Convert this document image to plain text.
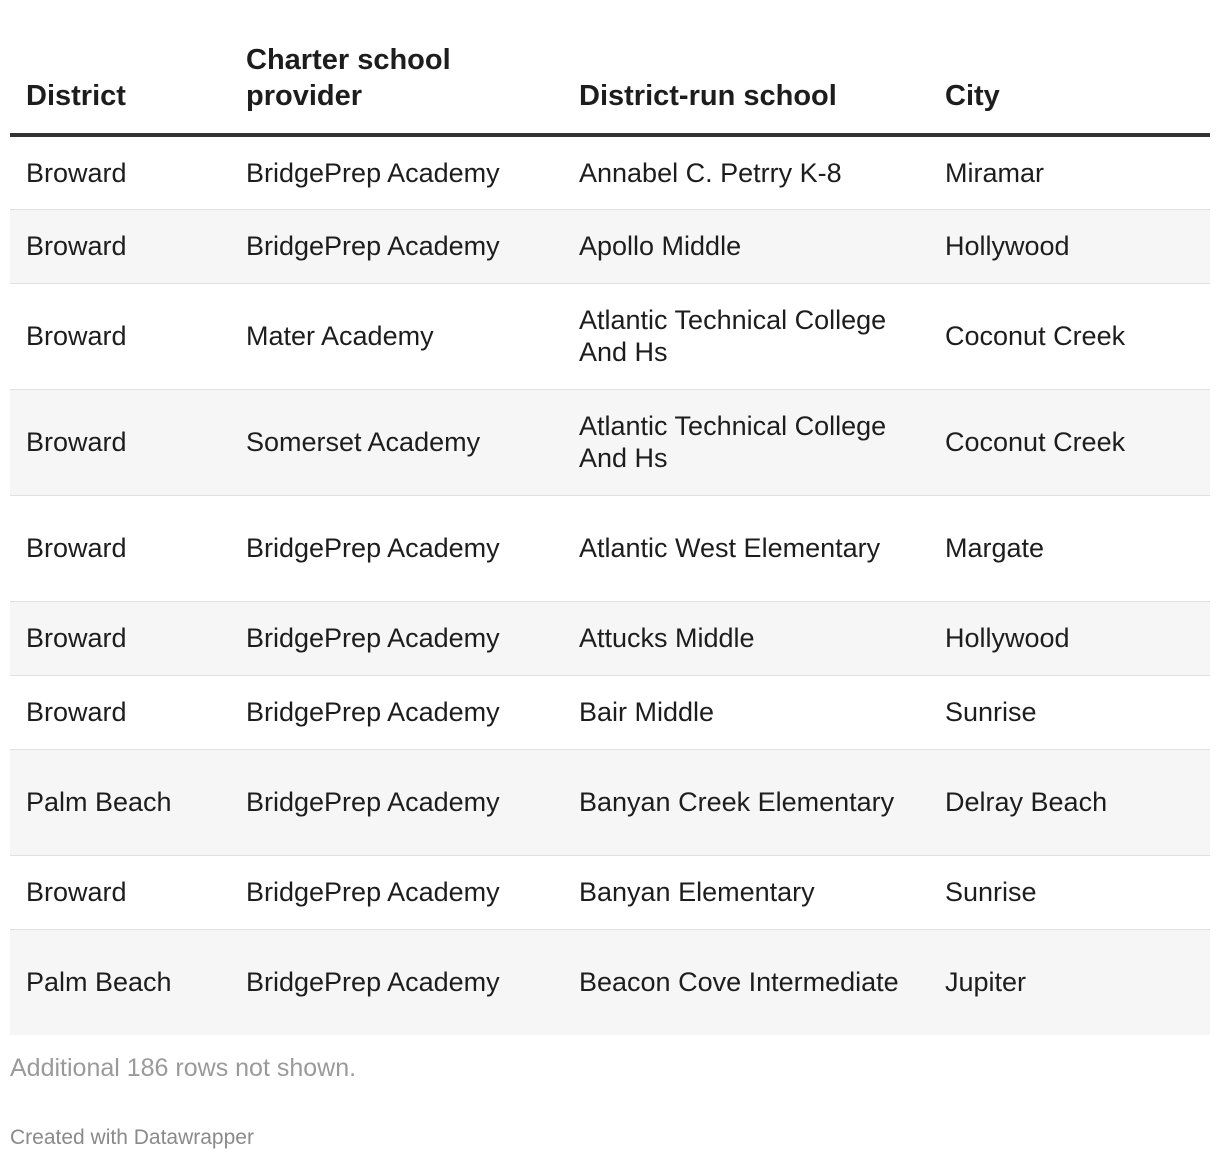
District	Charter school provider	District-run school	City
Broward	BridgePrep Academy	Annabel C. Petrry K-8	Miramar
Broward	BridgePrep Academy	Apollo Middle	Hollywood
Broward	Mater Academy	Atlantic Technical College And Hs	Coconut Creek
Broward	Somerset Academy	Atlantic Technical College And Hs	Coconut Creek
Broward	BridgePrep Academy	Atlantic West Elementary	Margate
Broward	BridgePrep Academy	Attucks Middle	Hollywood
Broward	BridgePrep Academy	Bair Middle	Sunrise
Palm Beach	BridgePrep Academy	Banyan Creek Elementary	Delray Beach
Broward	BridgePrep Academy	Banyan Elementary	Sunrise
Palm Beach	BridgePrep Academy	Beacon Cove Intermediate	Jupiter
Additional 186 rows not shown.
Created with Datawrapper
